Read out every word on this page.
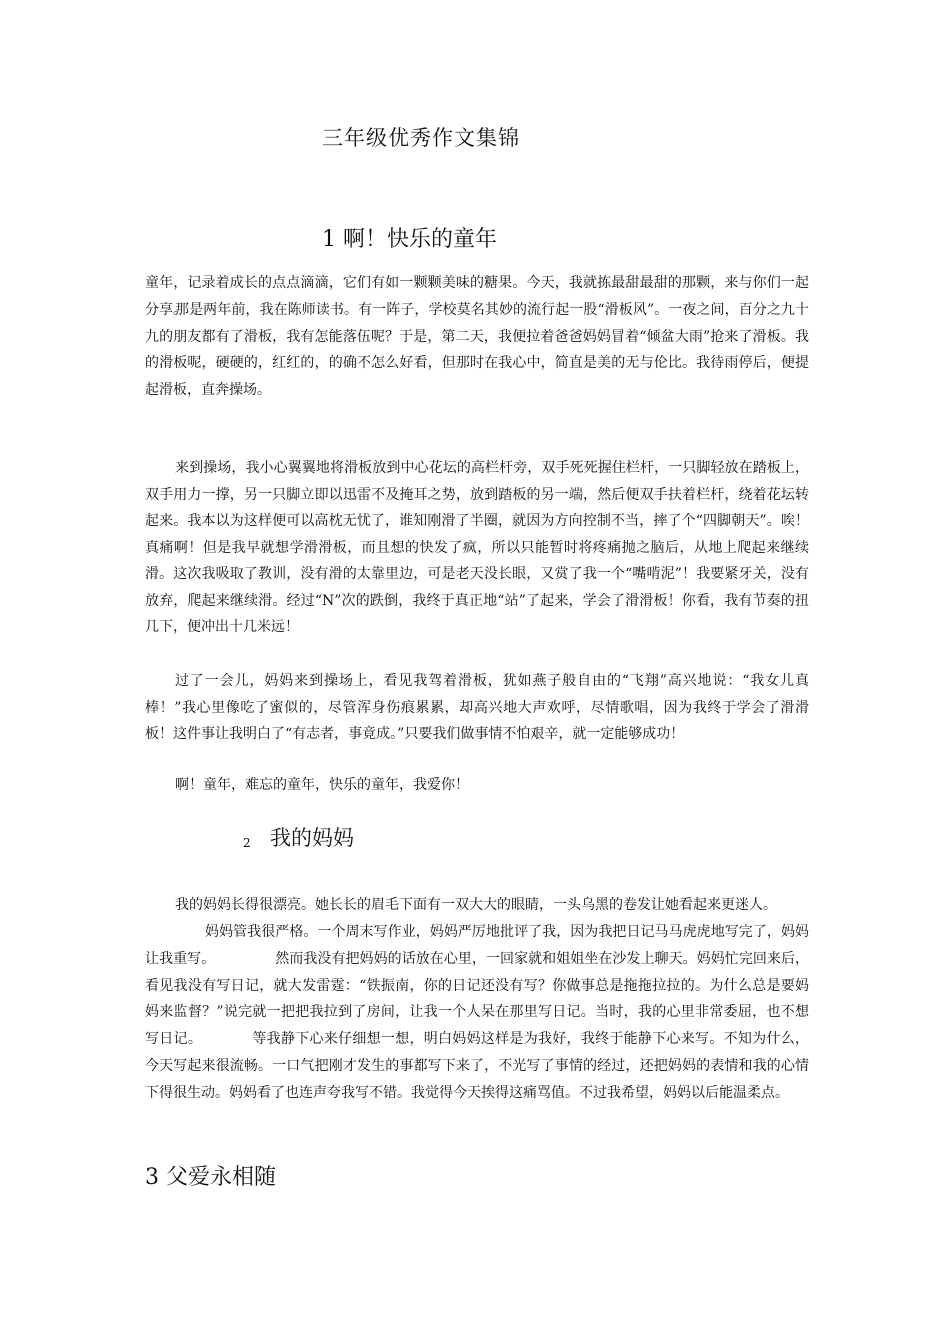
三年级优秀作文集锦
1 啊！快乐的童年

童年，记录着成长的点点滴滴，它们有如一颗颗美味的糖果。今天，我就拣最甜最甜的那颗，来与你们一起分享。

那是两年前，我在陈师读书。有一阵子，学校莫名其妙的流行起一股“滑板风”。一夜之间，百分之九十九的朋友都有了滑板，我有怎能落伍呢？于是，第二天，我便拉着爸爸妈妈冒着“倾盆大雨”抢来了滑板。我的滑板呢，硬硬的，红红的，的确不怎么好看，但那时在我心中，简直是美的无与伦比。我待雨停后，便提起滑板，直奔操场。

来到操场，我小心翼翼地将滑板放到中心花坛的高栏杆旁，双手死死握住栏杆，一只脚轻放在踏板上，双手用力一撑，另一只脚立即以迅雷不及掩耳之势，放到踏板的另一端，然后便双手扶着栏杆，绕着花坛转起来。我本以为这样便可以高枕无忧了，谁知刚滑了半圈，就因为方向控制不当，摔了个“四脚朝天”。唉！真痛啊！但是我早就想学滑滑板，而且想的快发了疯，所以只能暂时将疼痛抛之脑后，从地上爬起来继续滑。这次我吸取了教训，没有滑的太靠里边，可是老天没长眼，又赏了我一个“嘴啃泥”！我要紧牙关，没有放弃，爬起来继续滑。经过“N”次的跌倒，我终于真正地“站”了起来，学会了滑滑板！你看，我有节奏的扭几下，便冲出十几米远！

过了一会儿，妈妈来到操场上，看见我驾着滑板，犹如燕子般自由的“飞翔”高兴地说：“我女儿真棒！”我心里像吃了蜜似的，尽管浑身伤痕累累，却高兴地大声欢呼，尽情歌唱，因为我终于学会了滑滑板！这件事让我明白了“有志者，事竟成。”只要我们做事情不怕艰辛，就一定能够成功！

啊！童年，难忘的童年，快乐的童年，我爱你！

2 我的妈妈

我的妈妈长得很漂亮。她长长的眉毛下面有一双大大的眼睛，一头乌黑的卷发让她看起来更迷人。

妈妈管我很严格。一个周末写作业，妈妈严厉地批评了我，因为我把日记马马虎虎地写完了，妈妈让我重写。	然而我没有把妈妈的话放在心里，一回家就和姐姐坐在沙发上聊天。妈妈忙完回来后，看见我没有写日记，就大发雷霆：“铁振南，你的日记还没有写？你做事总是拖拖拉拉的。为什么总是要妈妈来监督？”说完就一把把我拉到了房间，让我一个人呆在那里写日记。当时，我的心里非常委屈，也不想写日记。	等我静下心来仔细想一想，明白妈妈这样是为我好，我终于能静下心来写。不知为什么，今天写起来很流畅。一口气把刚才发生的事都写下来了，不光写了事情的经过，还把妈妈的表情和我的心情下得很生动。妈妈看了也连声夸我写不错。我觉得今天挨得这痛骂值。不过我希望，妈妈以后能温柔点。

3 父爱永相随
